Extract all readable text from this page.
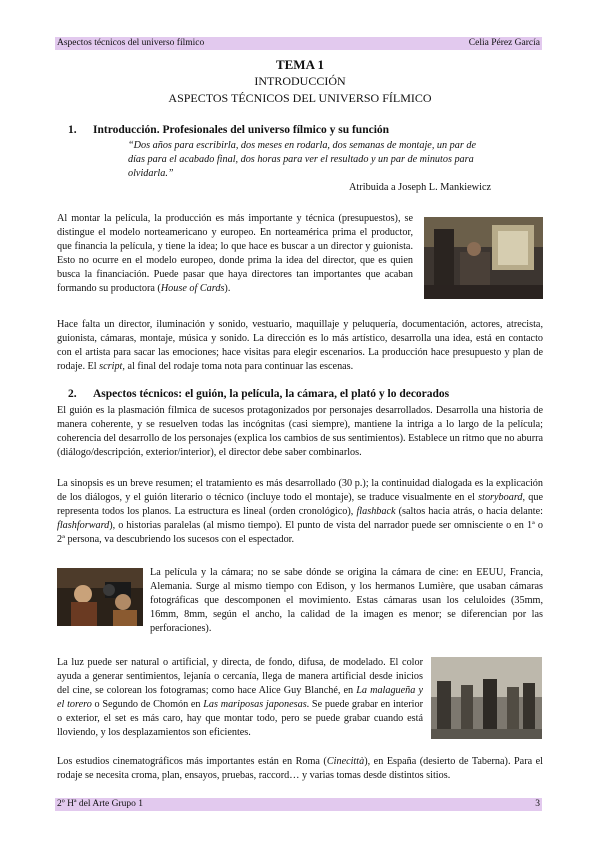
Aspectos técnicos del universo fílmico	Celia Pérez García
TEMA 1
INTRODUCCIÓN
ASPECTOS TÉCNICOS DEL UNIVERSO FÍLMICO
1. Introducción. Profesionales del universo fílmico y su función
“Dos años para escribirla, dos meses en rodarla, dos semanas de montaje, un par de días para el acabado final, dos horas para ver el resultado y un par de minutos para olvidarla.”
Atribuida a Joseph L. Mankiewicz
Al montar la película, la producción es más importante y técnica (presupuestos), se distingue el modelo norteamericano y europeo. En norteamérica prima el productor, que financia la película, y tiene la idea; lo que hace es buscar a un director y guionista. Esto no ocurre en el modelo europeo, donde prima la idea del director, que es quien busca la financiación. Puede pasar que haya directores tan importantes que acaban formando su productora (House of Cards).
Hace falta un director, iluminación y sonido, vestuario, maquillaje y peluquería, documentación, actores, atrecista, guionista, cámaras, montaje, música y sonido. La dirección es lo más artístico, desarrolla una idea, está en contacto con el artista para sacar las emociones; hace visitas para elegir escenarios. La producción hace presupuesto y plan de rodaje. El script, al final del rodaje toma nota para continuar las escenas.
2. Aspectos técnicos: el guión, la película, la cámara, el plató y lo decorados
El guión es la plasmación fílmica de sucesos protagonizados por personajes desarrollados. Desarrolla una historia de manera coherente, y se resuelven todas las incógnitas (casi siempre), mantiene la intriga a lo largo de la película; coherencia del desarrollo de los personajes (explica los cambios de sus sentimientos). Establece un ritmo que no aburra (diálogo/descripción, exterior/interior), el director debe saber combinarlos.
La sinopsis es un breve resumen; el tratamiento es más desarrollado (30 p.); la continuidad dialogada es la explicación de los diálogos, y el guión literario o técnico (incluye todo el montaje), se traduce visualmente en el storyboard, que representa todos los planos. La estructura es lineal (orden cronológico), flashback (saltos hacia atrás, o hacia delante: flashforward), o historias paralelas (al mismo tiempo). El punto de vista del narrador puede ser omnisciente o en 1ª o 2ª persona, va descubriendo los sucesos con el espectador.
La película y la cámara; no se sabe dónde se origina la cámara de cine: en EEUU, Francia, Alemania. Surge al mismo tiempo con Edison, y los hermanos Lumière, que usaban cámaras fotográficas que descomponen el movimiento. Estas cámaras usan los celuloides (35mm, 16mm, 8mm, según el ancho, la calidad de la imagen es menor; se diferencian por las perforaciones).
La luz puede ser natural o artificial, y directa, de fondo, difusa, de modelado. El color ayuda a generar sentimientos, lejanía o cercanía, llega de manera artificial desde inicios del cine, se colorean los fotogramas; como hace Alice Guy Blanché, en La malagueña y el torero o Segundo de Chomón en Las mariposas japonesas. Se puede grabar en interior o exterior, el set es más caro, hay que montar todo, pero se puede grabar cuando está lloviendo, y los desplazamientos son eficientes.
Los estudios cinematográficos más importantes están en Roma (Cinecittà), en España (desierto de Taberna). Para el rodaje se necesita croma, plan, ensayos, pruebas, raccord… y varias tomas desde distintos sitios.
2º Hª del Arte Grupo 1	3
